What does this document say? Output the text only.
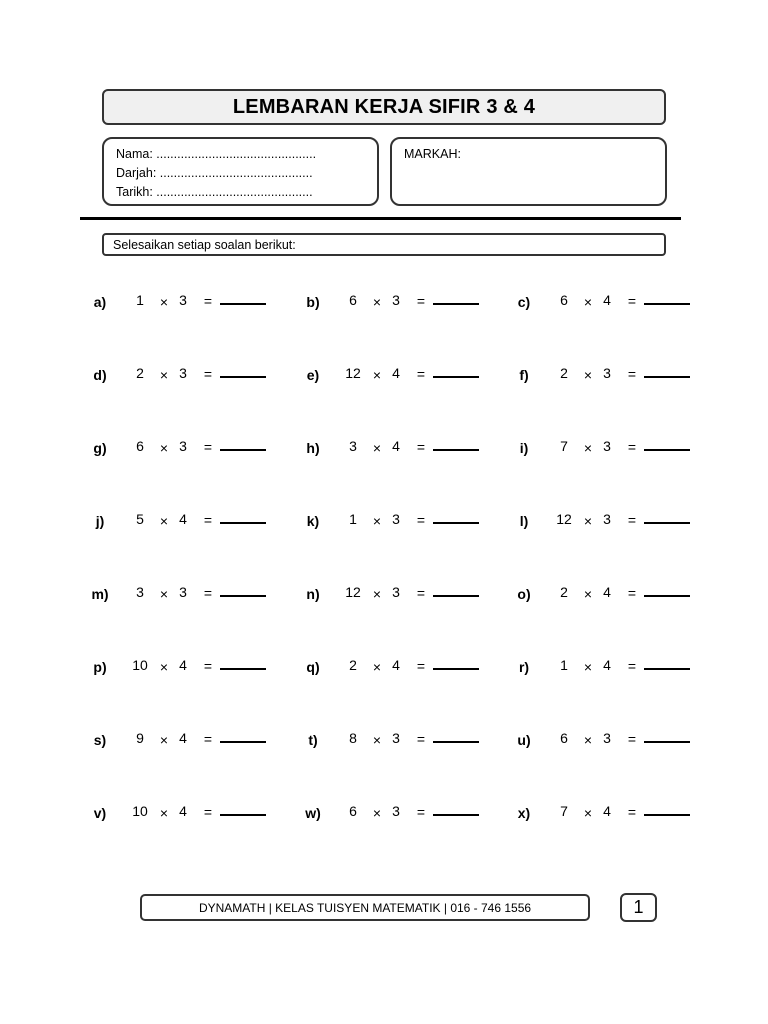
LEMBARAN KERJA SIFIR 3 & 4
Nama: ..............................................
Darjah: ............................................
Tarikh: .............................................
MARKAH:
Selesaikan setiap soalan berikut:
a)	1	× 3	=	b)	6	× 3	=	c)	6	× 4	=
d)	2	× 3	=	e)	12 × 4	=	f)	2	× 3	=
g)	6	× 3	=	h)	3	× 4	=	i)	7	× 3	=
j)	5	× 4	=	k)	1	× 3	=	l)	12 × 3	=
m)	3	× 3	=	n)	12 × 3	=	o)	2	× 4	=
p)	10 × 4	=	q)	2	× 4	=	r)	1	× 4	=
s)	9	× 4	=	t)	8	× 3	=	u)	6	× 3	=
v)	10 × 4	=	w)	6	× 3	=	x)	7	× 4	=
DYNAMATH | KELAS TUISYEN MATEMATIK | 016 - 746 1556	1
